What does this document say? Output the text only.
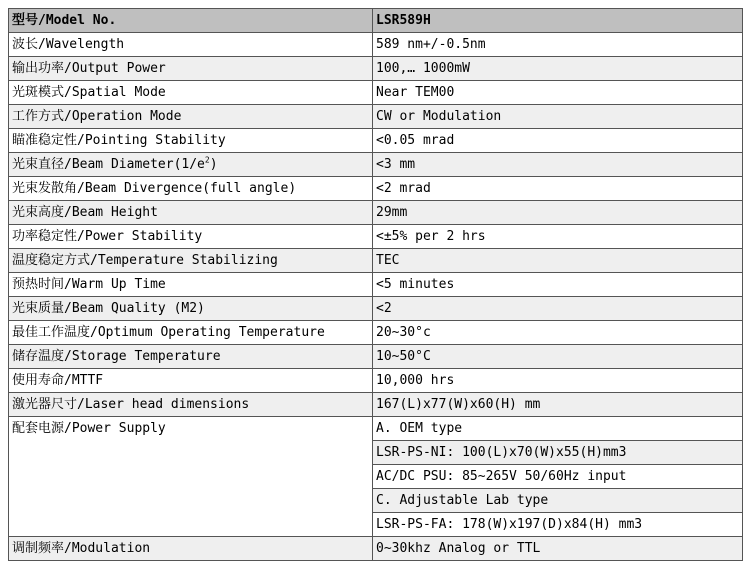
型号/Model No.	LSR589H
波长/Wavelength	589 nm+/-0.5nm
输出功率/Output Power	100,… 1000mW
光斑模式/Spatial Mode	Near TEM00
工作方式/Operation Mode	CW or Modulation
瞄准稳定性/Pointing Stability	<0.05 mrad
光束直径/Beam $Diameter(1/e^2)$	<3 mm
光束发散角/Beam Divergence(full angle)	<2 mrad
光束高度/Beam Height	29mm
功率稳定性/Power Stability	<±5% per 2 hrs
温度稳定方式/Temperature Stabilizing	TEC
预热时间/Warm Up Time	<5 minutes
光束质量/Beam Quality (M2)	<2
最佳工作温度/Optimum Operating Temperature	20~30°c
储存温度/Storage Temperature	10~50°C
使用寿命/MTTF	10,000 hrs
激光器尺寸/Laser head dimensions	167(L)x77(W)x60(H) mm
配套电源/Power Supply	A. OEM type
	LSR-PS-NI: 100(L)x70(W)x55(H)mm3
	AC/DC PSU: 85~265V 50/60Hz input
	C. Adjustable Lab type
	LSR-PS-FA: 178(W)x197(D)x84(H) mm3
调制频率/Modulation	0~30khz Analog or TTL
